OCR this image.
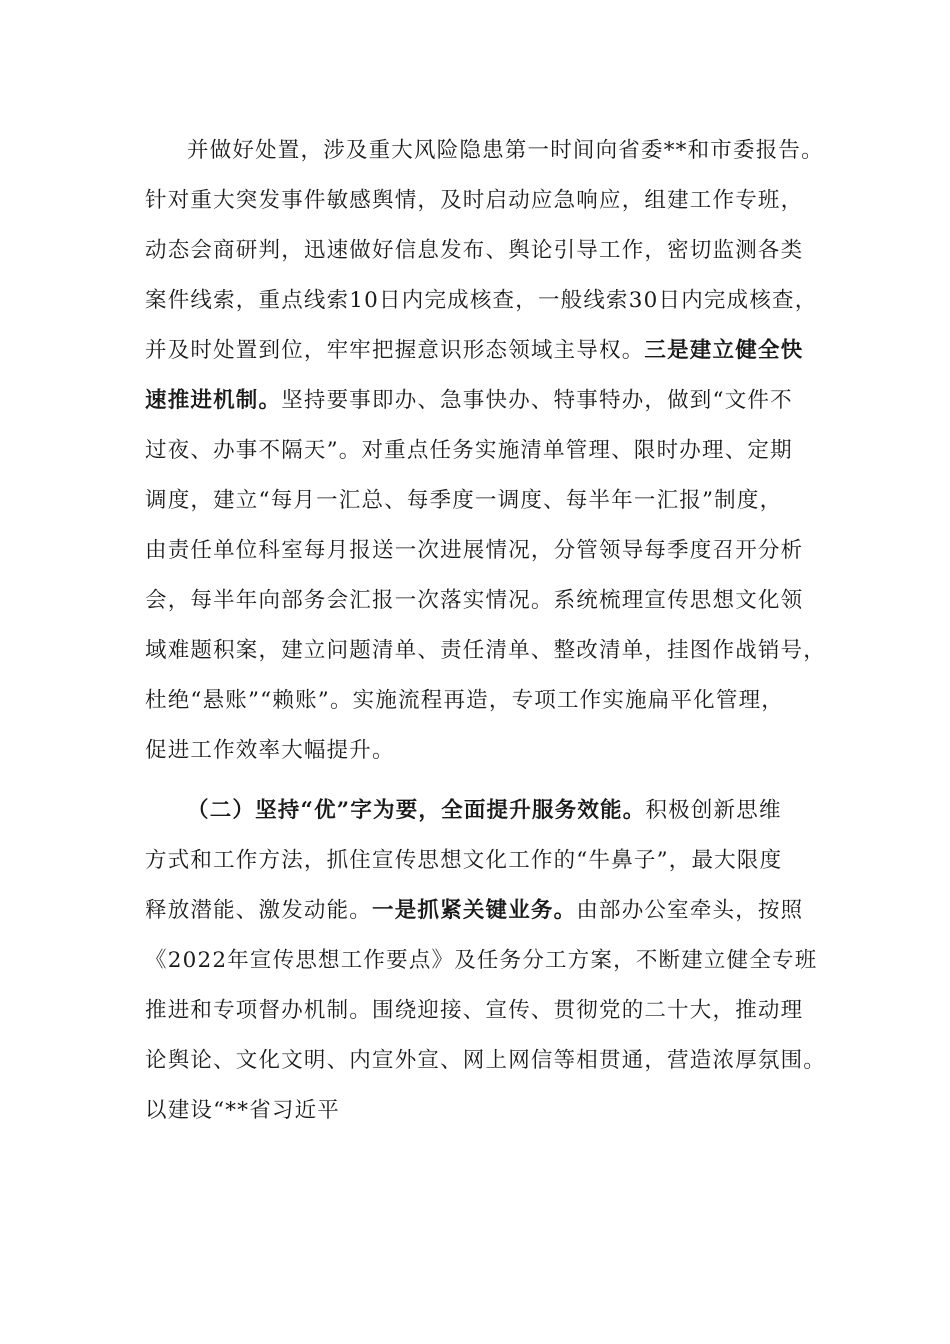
并做好处置，涉及重大风险隐患第一时间向省委**和市委报告。
针对重大突发事件敏感舆情，及时启动应急响应，组建工作专班，
动态会商研判，迅速做好信息发布、舆论引导工作，密切监测各类
案件线索，重点线索10日内完成核查，一般线索30日内完成核查，
并及时处置到位，牢牢把握意识形态领域主导权。三是建立健全快
速推进机制。坚持要事即办、急事快办、特事特办，做到“文件不
过夜、办事不隔天”。对重点任务实施清单管理、限时办理、定期
调度，建立“每月一汇总、每季度一调度、每半年一汇报”制度，
由责任单位科室每月报送一次进展情况，分管领导每季度召开分析
会，每半年向部务会汇报一次落实情况。系统梳理宣传思想文化领
域难题积案，建立问题清单、责任清单、整改清单，挂图作战销号，
杜绝“悬账”“赖账”。实施流程再造，专项工作实施扁平化管理，
促进工作效率大幅提升。
（二）坚持“优”字为要，全面提升服务效能。积极创新思维
方式和工作方法，抓住宣传思想文化工作的“牛鼻子”，最大限度
释放潜能、激发动能。一是抓紧关键业务。由部办公室牵头，按照
《2022年宣传思想工作要点》及任务分工方案，不断建立健全专班
推进和专项督办机制。围绕迎接、宣传、贯彻党的二十大，推动理
论舆论、文化文明、内宣外宣、网上网信等相贯通，营造浓厚氛围。
以建设“**省习近平
